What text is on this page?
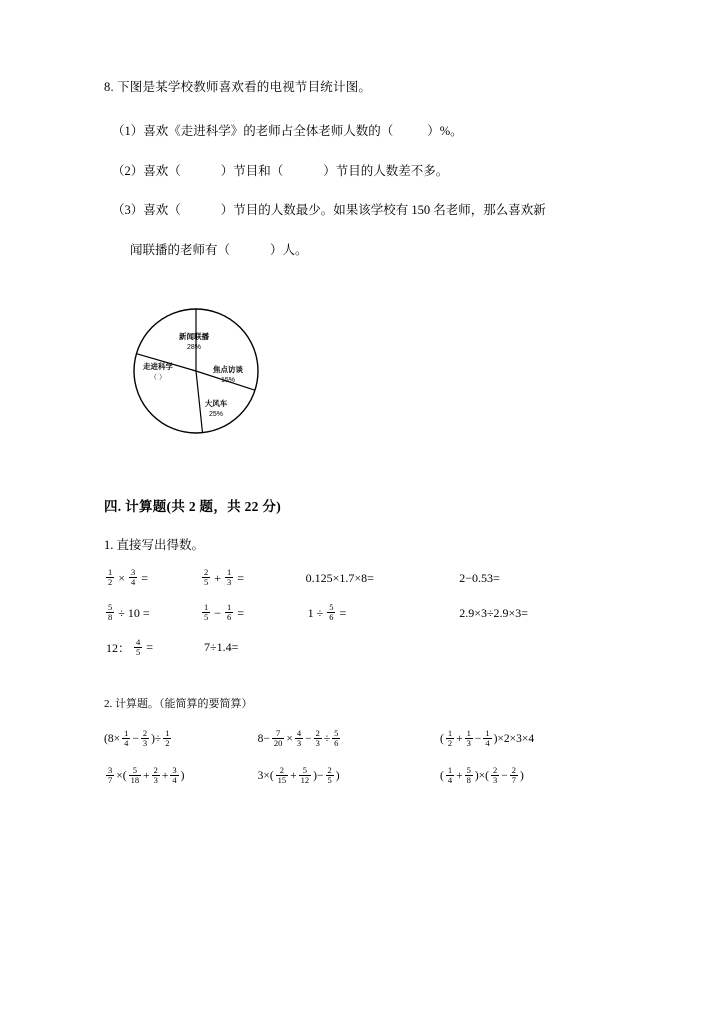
8. 下图是某学校教师喜欢看的电视节目统计图。

（1）喜欢《走进科学》的老师占全体老师人数的（	）%。

（2）喜欢（	）节目和（	）节目的人数差不多。

（3）喜欢（	）节目的人数最少。如果该学校有 150 名老师，那么喜欢新

闻联播的老师有（	）人。

新闻联播
28%
焦点访谈
15%
大风车
25%
走进科学
（ ）

四. 计算题(共 2 题，共 22 分)

1. 直接写出得数。

$\frac{1}{2} \times \frac{3}{4}$ =	$\frac{2}{5} + \frac{1}{3}$ =	0.125×1.7×8=	2−0.53=
$\frac{5}{8} \div 10$ =	$\frac{1}{5} - \frac{1}{6}$ =	$1 \div \frac{5}{6}$ =	2.9×3÷2.9×3=
12： $\frac{4}{5}$ =	7÷1.4=

2. 计算题。（能简算的要简算）

($8\times \frac{1}{4} - \frac{2}{3}$ )÷ $\frac{1}{2}$	$8- \frac{7}{20} \times \frac{4}{3} - \frac{2}{3} \div \frac{5}{6}$	( $\frac{1}{2} + \frac{1}{3} - \frac{1}{4} )\times 2\times 3\times 4$
$\frac{3}{7}$ ×( $\frac{5}{18} + \frac{2}{3} + \frac{3}{4}$ )	$3\times( \frac{2}{15} + \frac{5}{12}$ )− $\frac{2}{5}$ )	( $\frac{1}{4} + \frac{5}{8}$ )×( $\frac{2}{3} - \frac{2}{7}$ )
